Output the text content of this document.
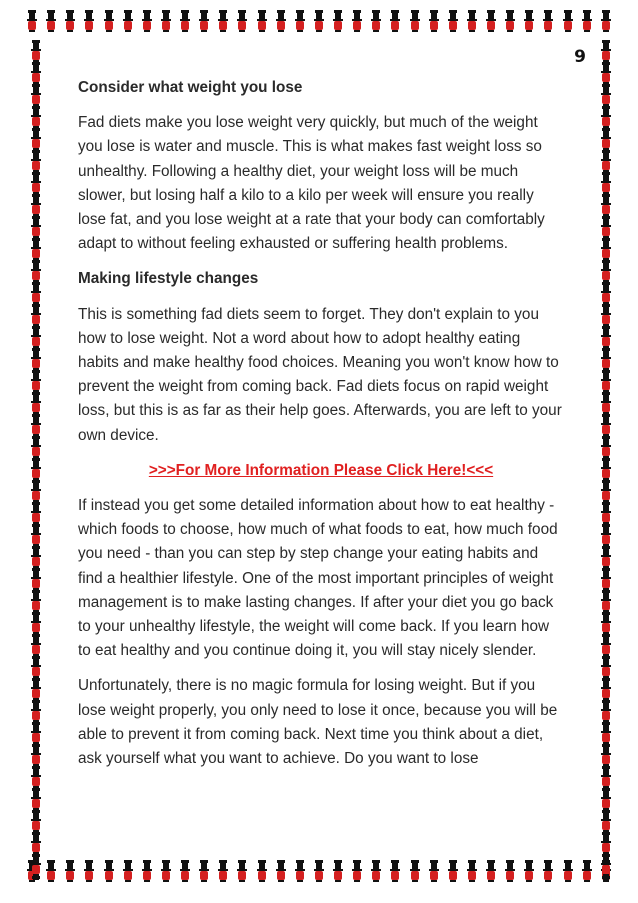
9

Consider what weight you lose

Fad diets make you lose weight very quickly, but much of the weight you lose is water and muscle. This is what makes fast weight loss so unhealthy. Following a healthy diet, your weight loss will be much slower, but losing half a kilo to a kilo per week will ensure you really lose fat, and you lose weight at a rate that your body can comfortably adapt to without feeling exhausted or suffering health problems.

Making lifestyle changes

This is something fad diets seem to forget. They don't explain to you how to lose weight. Not a word about how to adopt healthy eating habits and make healthy food choices. Meaning you won't know how to prevent the weight from coming back. Fad diets focus on rapid weight loss, but this is as far as their help goes. Afterwards, you are left to your own device.

>>>For More Information Please Click Here!<<<

If instead you get some detailed information about how to eat healthy - which foods to choose, how much of what foods to eat, how much food you need - than you can step by step change your eating habits and find a healthier lifestyle. One of the most important principles of weight management is to make lasting changes. If after your diet you go back to your unhealthy lifestyle, the weight will come back. If you learn how to eat healthy and you continue doing it, you will stay nicely slender.

Unfortunately, there is no magic formula for losing weight. But if you lose weight properly, you only need to lose it once, because you will be able to prevent it from coming back. Next time you think about a diet, ask yourself what you want to achieve. Do you want to lose
